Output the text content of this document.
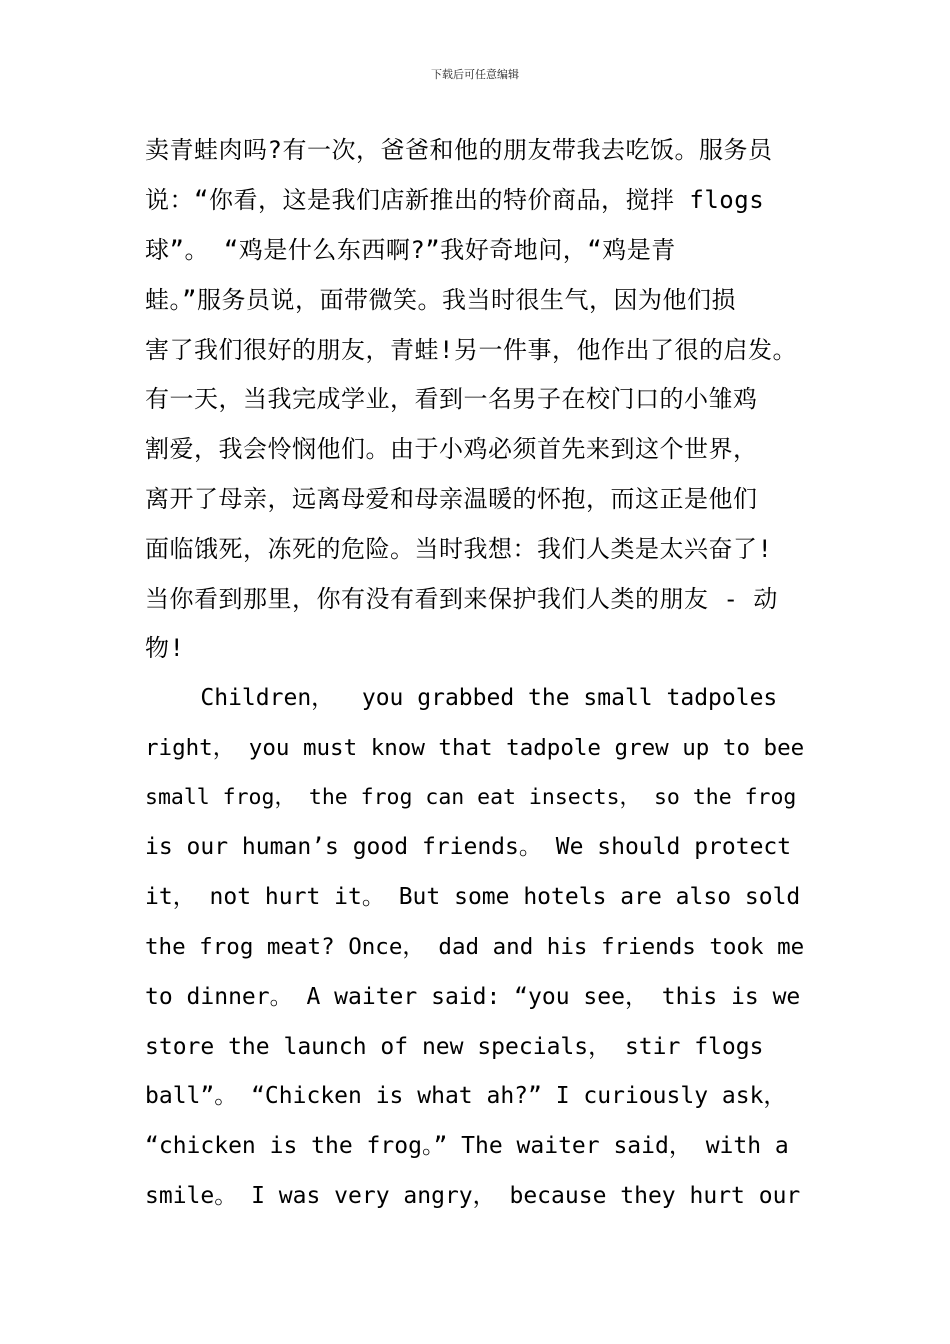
下载后可任意编辑
卖青蛙肉吗?有一次，爸爸和他的朋友带我去吃饭。服务员
说：“你看，这是我们店新推出的特价商品，搅拌 flogs
球”。 “鸡是什么东西啊?”我好奇地问，“鸡是青
蛙。”服务员说，面带微笑。我当时很生气，因为他们损
害了我们很好的朋友，青蛙!另一件事，他作出了很的启发。
有一天，当我完成学业，看到一名男子在校门口的小雏鸡
割爱，我会怜悯他们。由于小鸡必须首先来到这个世界，
离开了母亲，远离母爱和母亲温暖的怀抱，而这正是他们
面临饿死，冻死的危险。当时我想：我们人类是太兴奋了!
当你看到那里，你有没有看到来保护我们人类的朋友 - 动
物!
Children，  you grabbed the small tadpoles
right， you must know that tadpole grew up to bee
small frog， the frog can eat insects， so the frog
is our human’s good friends。 We should protect
it， not hurt it。 But some hotels are also sold
the frog meat? Once， dad and his friends took me
to dinner。 A waiter said: “you see， this is we
store the launch of new specials， stir flogs
ball”。 “Chicken is what ah?” I curiously ask，
“chicken is the frog。” The waiter said， with a
smile。 I was very angry， because they hurt our
